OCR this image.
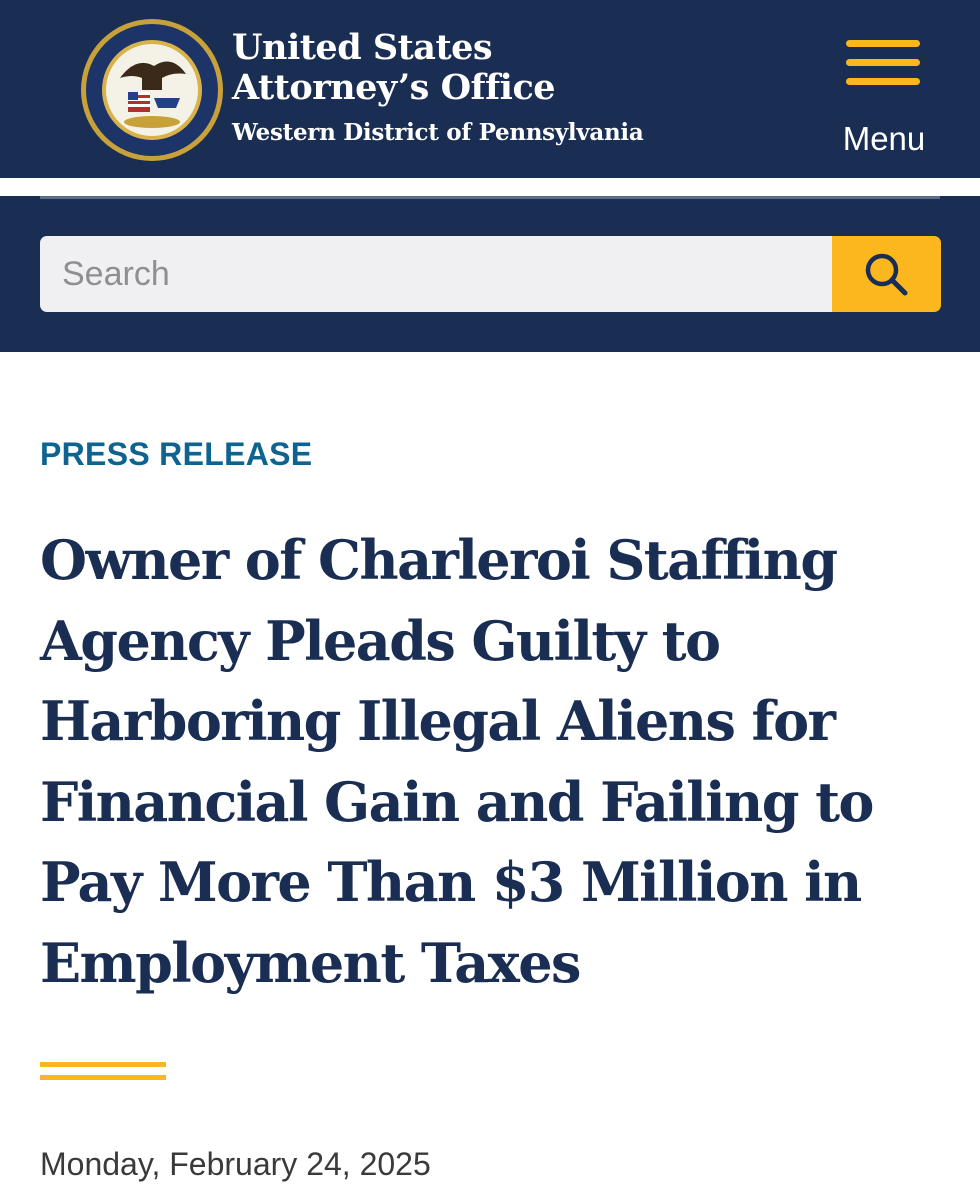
United States
Attorney’s Office
Western District of Pennsylvania	Menu
Search
PRESS RELEASE
Owner of Charleroi Staffing
Agency Pleads Guilty to
Harboring Illegal Aliens for
Financial Gain and Failing to
Pay More Than $3 Million in
Employment Taxes
Monday, February 24, 2025
